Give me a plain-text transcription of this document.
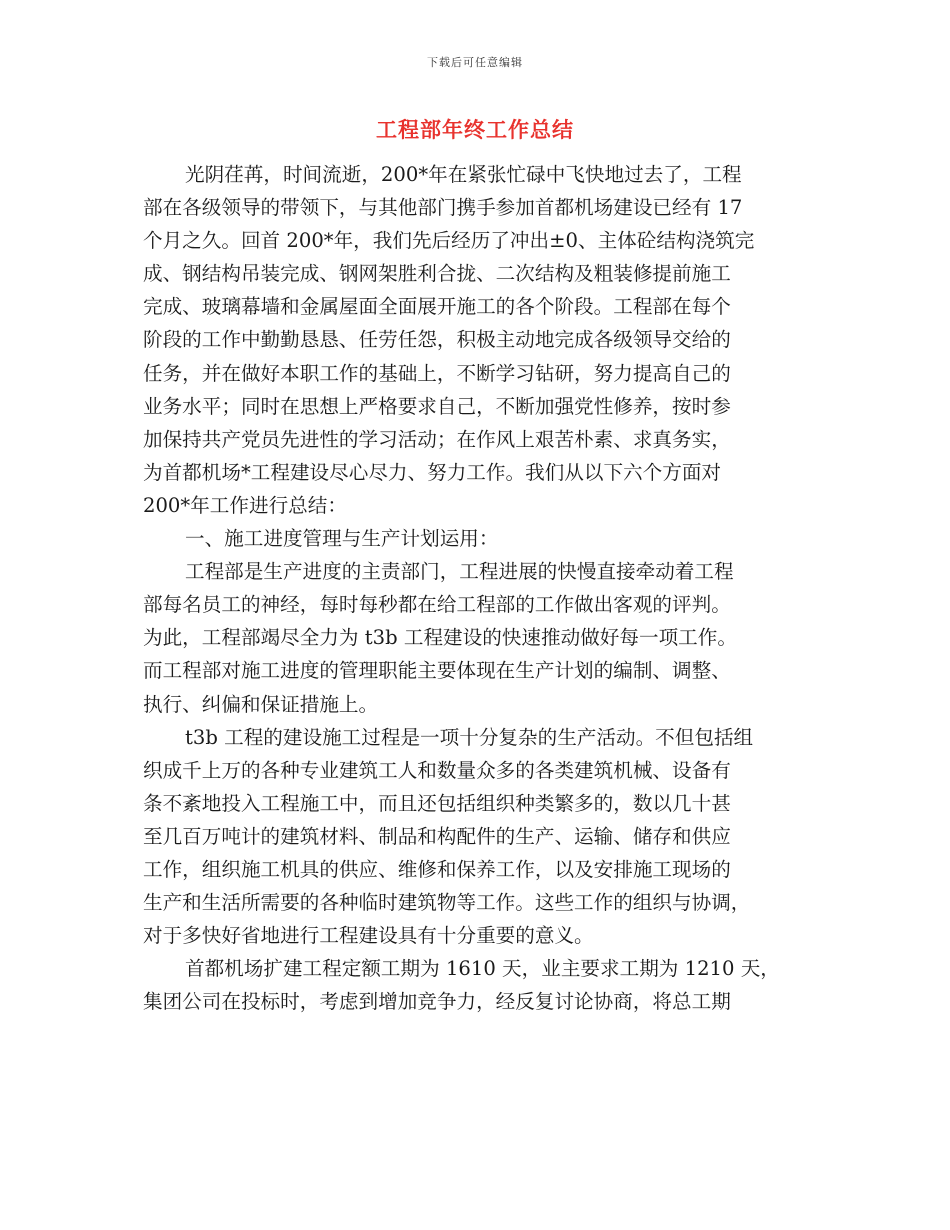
下载后可任意编辑
工程部年终工作总结
光阴荏苒，时间流逝，200*年在紧张忙碌中飞快地过去了，工程
部在各级领导的带领下，与其他部门携手参加首都机场建设已经有 17
个月之久。回首 200*年，我们先后经历了冲出±0、主体砼结构浇筑完
成、钢结构吊装完成、钢网架胜利合拢、二次结构及粗装修提前施工
完成、玻璃幕墙和金属屋面全面展开施工的各个阶段。工程部在每个
阶段的工作中勤勤恳恳、任劳任怨，积极主动地完成各级领导交给的
任务，并在做好本职工作的基础上，不断学习钻研，努力提高自己的
业务水平；同时在思想上严格要求自己，不断加强党性修养，按时参
加保持共产党员先进性的学习活动；在作风上艰苦朴素、求真务实，
为首都机场*工程建设尽心尽力、努力工作。我们从以下六个方面对
200*年工作进行总结：
一、施工进度管理与生产计划运用：
工程部是生产进度的主责部门，工程进展的快慢直接牵动着工程
部每名员工的神经，每时每秒都在给工程部的工作做出客观的评判。
为此，工程部竭尽全力为 t3b 工程建设的快速推动做好每一项工作。
而工程部对施工进度的管理职能主要体现在生产计划的编制、调整、
执行、纠偏和保证措施上。
t3b 工程的建设施工过程是一项十分复杂的生产活动。不但包括组
织成千上万的各种专业建筑工人和数量众多的各类建筑机械、设备有
条不紊地投入工程施工中，而且还包括组织种类繁多的，数以几十甚
至几百万吨计的建筑材料、制品和构配件的生产、运输、储存和供应
工作，组织施工机具的供应、维修和保养工作，以及安排施工现场的
生产和生活所需要的各种临时建筑物等工作。这些工作的组织与协调，
对于多快好省地进行工程建设具有十分重要的意义。
首都机场扩建工程定额工期为 1610 天，业主要求工期为 1210 天，
集团公司在投标时，考虑到增加竞争力，经反复讨论协商，将总工期
